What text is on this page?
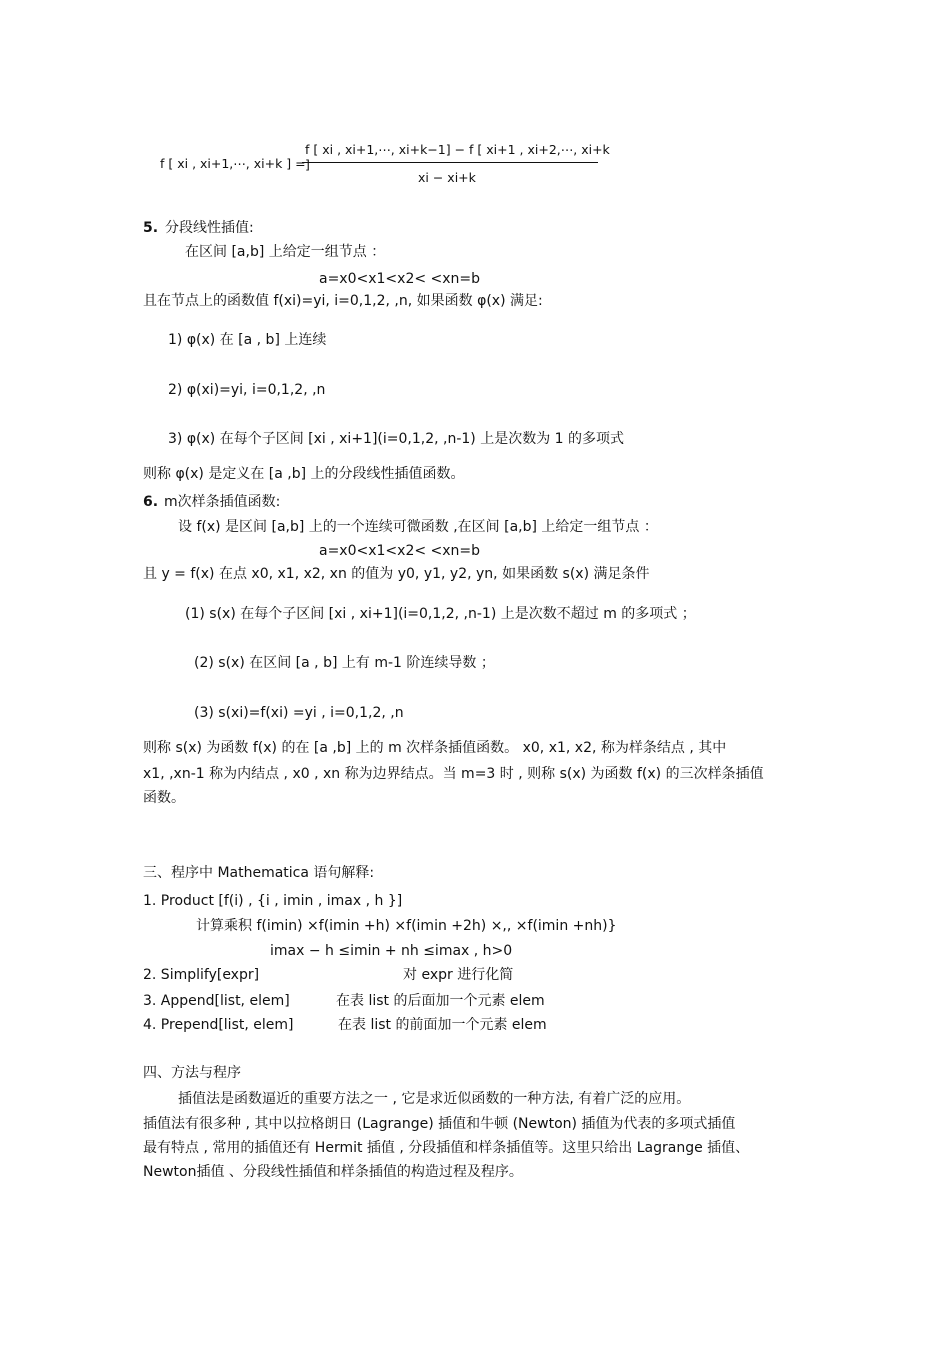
f [ xi , xi+1,⋯, xi+k ] =
f [ xi , xi+1,⋯, xi+k−1] − f [ xi+1 , xi+2,⋯, xi+k ]
xi − xi+k
5. 分段线性插值:
在区间 [a,b] 上给定一组节点 ：
a=x0<x1<x2< <xn=b
且在节点上的函数值 f(xi)=yi, i=0,1,2, ,n, 如果函数 φ(x) 满足:
1) φ(x) 在 [a , b] 上连续
2) φ(xi)=yi, i=0,1,2, ,n
3) φ(x) 在每个子区间 [xi , xi+1](i=0,1,2, ,n-1) 上是次数为 1 的多项式
则称 φ(x) 是定义在 [a ,b] 上的分段线性插值函数。
6. m次样条插值函数:
设 f(x) 是区间 [a,b] 上的一个连续可微函数 ,在区间 [a,b] 上给定一组节点 ：
a=x0<x1<x2< <xn=b
且 y = f(x) 在点 x0, x1, x2, xn 的值为 y0, y1, y2, yn, 如果函数 s(x) 满足条件
(1) s(x) 在每个子区间 [xi , xi+1](i=0,1,2, ,n-1) 上是次数不超过 m 的多项式 ；
(2) s(x) 在区间 [a , b] 上有 m-1 阶连续导数 ；
(3) s(xi)=f(xi) =yi , i=0,1,2, ,n
则称 s(x) 为函数 f(x) 的在 [a ,b] 上的 m 次样条插值函数。 x0, x1, x2, 称为样条结点 , 其中
x1, ,xn-1 称为内结点 , x0 , xn 称为边界结点。当 m=3 时 , 则称 s(x) 为函数 f(x) 的三次样条插值
函数。
三、程序中 Mathematica 语句解释:
1. Product [f(i) , {i , imin , imax , h }]
计算乘积 f(imin) ×f(imin +h) ×f(imin +2h) ×,, ×f(imin +nh)}
imax − h ≤imin + nh ≤imax , h>0
2. Simplify[expr]	对 expr 进行化简
3. Append[list, elem]	在表 list 的后面加一个元素 elem
4. Prepend[list, elem]	在表 list 的前面加一个元素 elem
四、方法与程序
插值法是函数逼近的重要方法之一 , 它是求近似函数的一种方法, 有着广泛的应用。
插值法有很多种 , 其中以拉格朗日 (Lagrange) 插值和牛顿 (Newton) 插值为代表的多项式插值
最有特点 , 常用的插值还有 Hermit 插值 , 分段插值和样条插值等。这里只给出 Lagrange 插值、
Newton插值 、分段线性插值和样条插值的构造过程及程序。
